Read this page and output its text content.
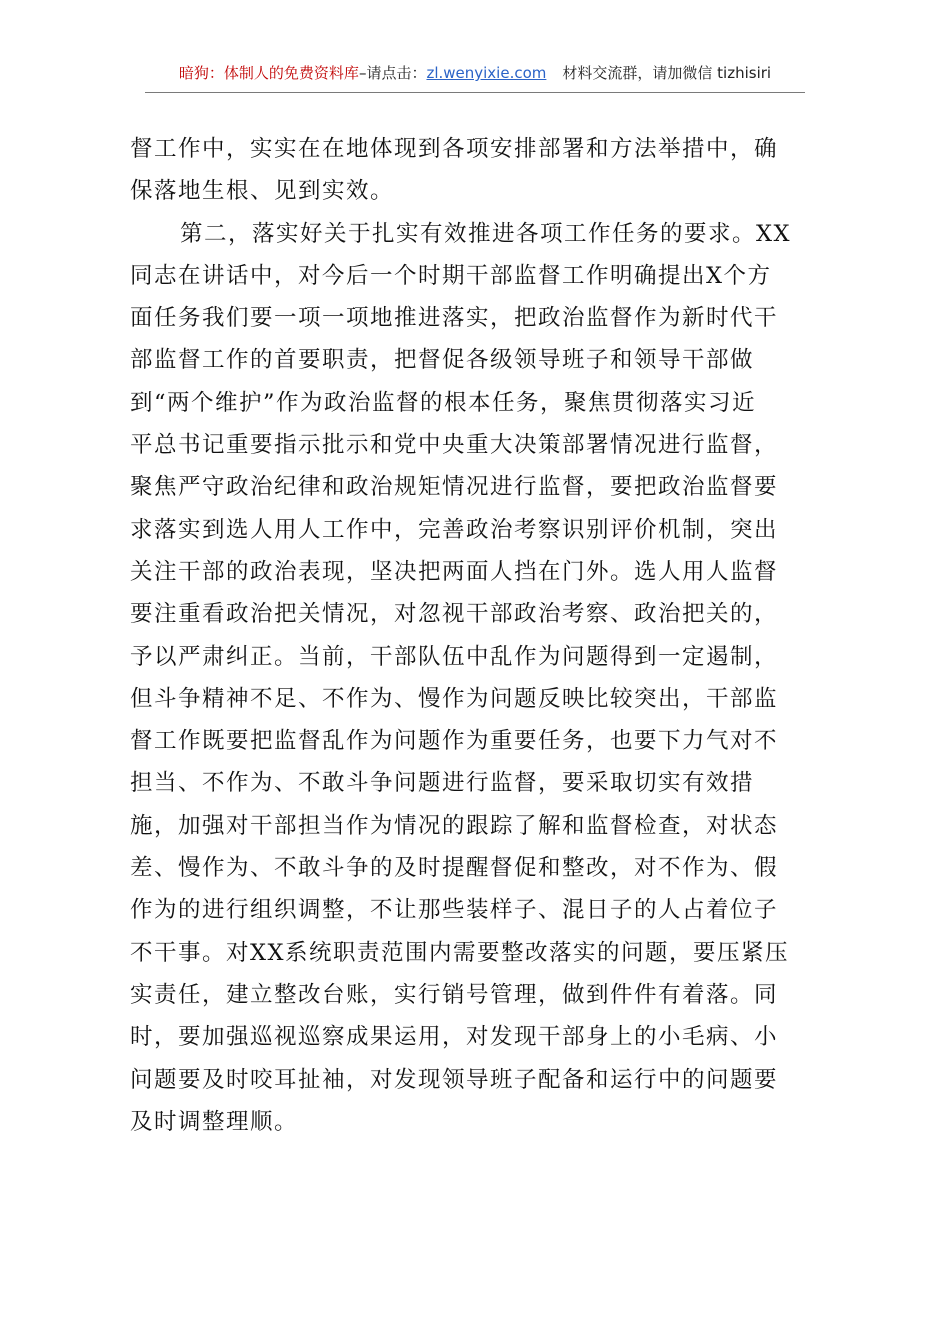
暗狗：体制人的免费资料库–请点击：zl.wenyixie.com 材料交流群，请加微信 tizhisiri
督工作中，实实在在地体现到各项安排部署和方法举措中，确
保落地生根、见到实效。
第二，落实好关于扎实有效推进各项工作任务的要求。XX
同志在讲话中，对今后一个时期干部监督工作明确提出X个方
面任务我们要一项一项地推进落实，把政治监督作为新时代干
部监督工作的首要职责，把督促各级领导班子和领导干部做
到“两个维护”作为政治监督的根本任务，聚焦贯彻落实习近
平总书记重要指示批示和党中央重大决策部署情况进行监督，
聚焦严守政治纪律和政治规矩情况进行监督，要把政治监督要
求落实到选人用人工作中，完善政治考察识别评价机制，突出
关注干部的政治表现，坚决把两面人挡在门外。选人用人监督
要注重看政治把关情况，对忽视干部政治考察、政治把关的，
予以严肃纠正。当前，干部队伍中乱作为问题得到一定遏制，
但斗争精神不足、不作为、慢作为问题反映比较突出，干部监
督工作既要把监督乱作为问题作为重要任务，也要下力气对不
担当、不作为、不敢斗争问题进行监督，要采取切实有效措
施，加强对干部担当作为情况的跟踪了解和监督检查，对状态
差、慢作为、不敢斗争的及时提醒督促和整改，对不作为、假
作为的进行组织调整，不让那些装样子、混日子的人占着位子
不干事。对XX系统职责范围内需要整改落实的问题，要压紧压
实责任，建立整改台账，实行销号管理，做到件件有着落。同
时，要加强巡视巡察成果运用，对发现干部身上的小毛病、小
问题要及时咬耳扯袖，对发现领导班子配备和运行中的问题要
及时调整理顺。
